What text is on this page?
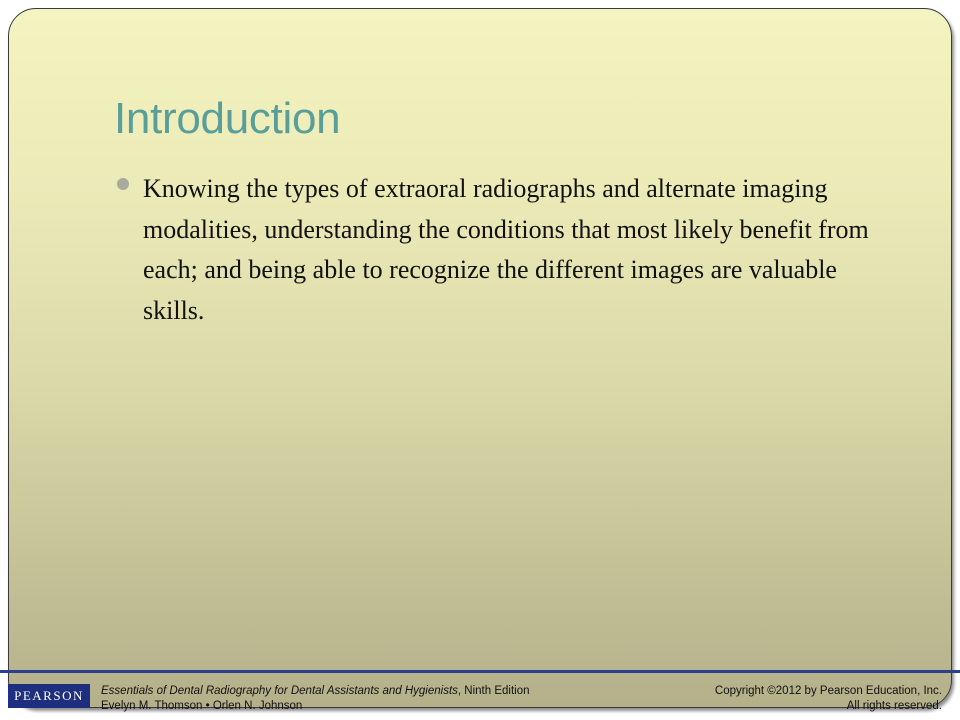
Introduction
Knowing the types of extraoral radiographs and alternate imaging modalities, understanding the conditions that most likely benefit from each; and being able to recognize the different images are valuable skills.
PEARSON Essentials of Dental Radiography for Dental Assistants and Hygienists, Ninth Edition
Evelyn M. Thomson • Orlen N. Johnson
Copyright ©2012 by Pearson Education, Inc.
All rights reserved.
